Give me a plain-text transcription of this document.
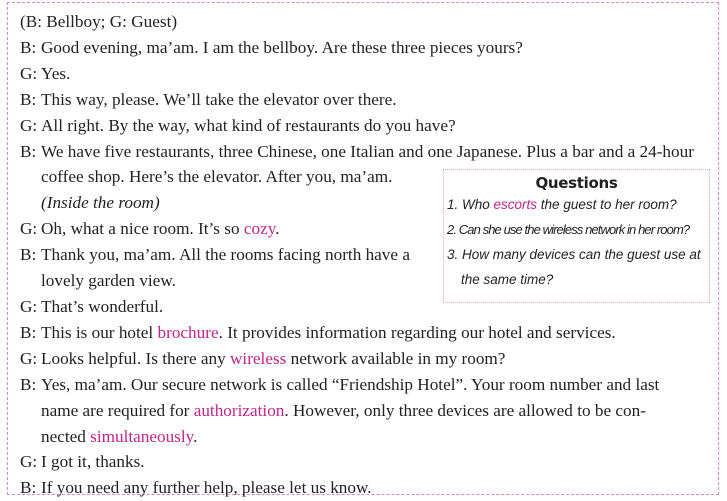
(B: Bellboy; G: Guest)
B: Good evening, ma’am. I am the bellboy. Are these three pieces yours?
G: Yes.
B: This way, please. We’ll take the elevator over there.
G: All right. By the way, what kind of restaurants do you have?
B: We have five restaurants, three Chinese, one Italian and one Japanese. Plus a bar and a 24-hour
coffee shop. Here’s the elevator. After you, ma’am.
(Inside the room)
G: Oh, what a nice room. It’s so cozy.
B: Thank you, ma’am. All the rooms facing north have a
lovely garden view.
G: That’s wonderful.
B: This is our hotel brochure. It provides information regarding our hotel and services.
G: Looks helpful. Is there any wireless network available in my room?
B: Yes, ma’am. Our secure network is called “Friendship Hotel”. Your room number and last
name are required for authorization. However, only three devices are allowed to be con-
nected simultaneously.
G: I got it, thanks.
B: If you need any further help, please let us know.
Questions
1. Who escorts the guest to her room?
2. Can she use the wireless network in her room?
3. How many devices can the guest use at
the same time?
